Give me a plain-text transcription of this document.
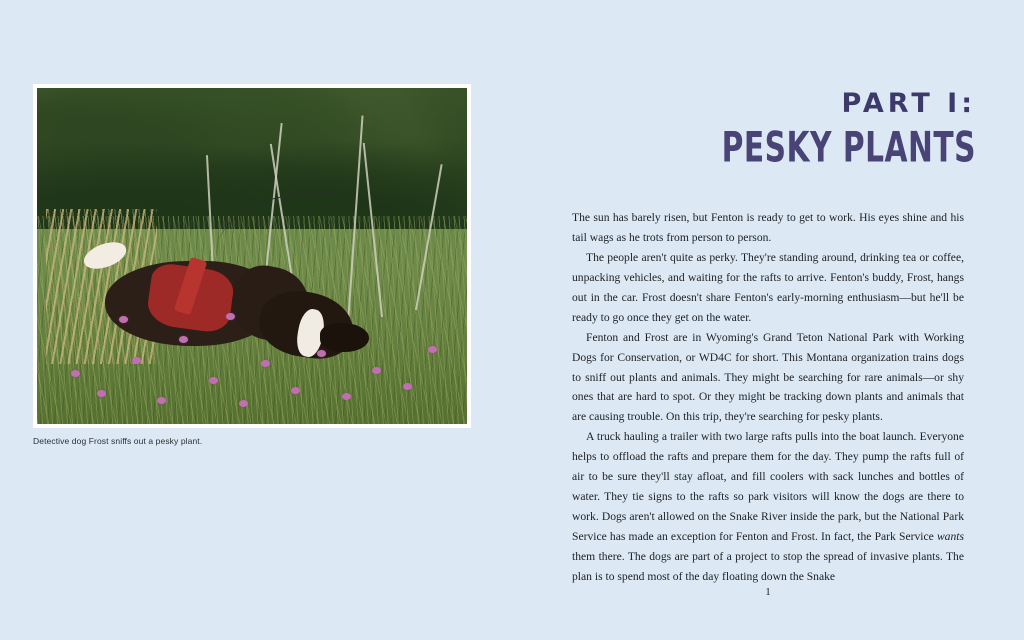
Detective dog Frost sniffs out a pesky plant.
PART I:
PESKY PLANTS

The sun has barely risen, but Fenton is ready to get to work. His eyes shine and his tail wags as he trots from person to person.

The people aren't quite as perky. They're standing around, drinking tea or coffee, unpacking vehicles, and waiting for the rafts to arrive. Fenton's buddy, Frost, hangs out in the car. Frost doesn't share Fenton's early-morning enthusiasm—but he'll be ready to go once they get on the water.

Fenton and Frost are in Wyoming's Grand Teton National Park with Working Dogs for Conservation, or WD4C for short. This Montana organization trains dogs to sniff out plants and animals. They might be searching for rare animals—or shy ones that are hard to spot. Or they might be tracking down plants and animals that are causing trouble. On this trip, they're searching for pesky plants.

A truck hauling a trailer with two large rafts pulls into the boat launch. Everyone helps to offload the rafts and prepare them for the day. They pump the rafts full of air to be sure they'll stay afloat, and fill coolers with sack lunches and bottles of water. They tie signs to the rafts so park visitors will know the dogs are there to work. Dogs aren't allowed on the Snake River inside the park, but the National Park Service has made an exception for Fenton and Frost. In fact, the Park Service wants them there. The dogs are part of a project to stop the spread of invasive plants. The plan is to spend most of the day floating down the Snake

1
